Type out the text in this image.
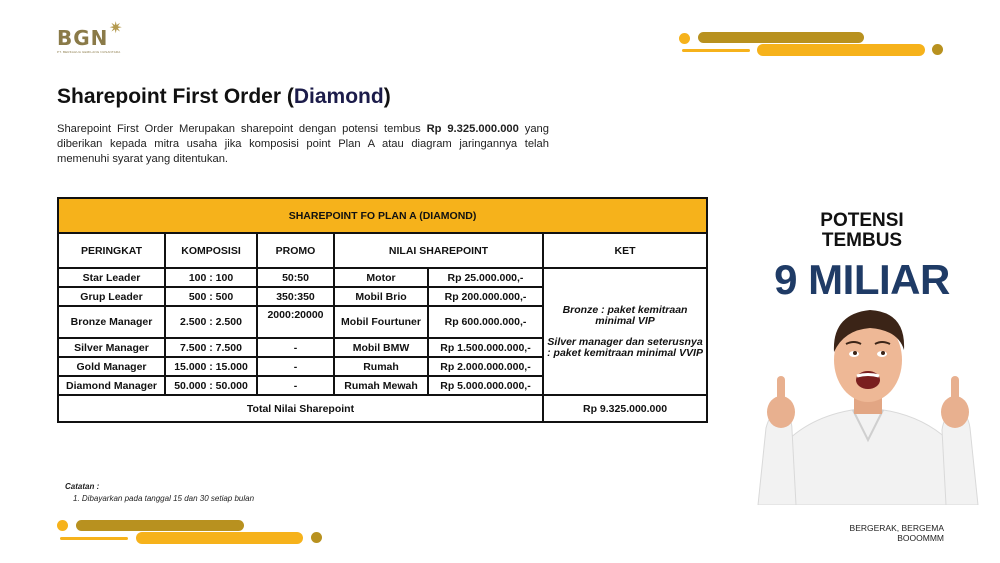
BGN ✷
PT. BERKAHUA GEMILANG NUSANTARA
Sharepoint First Order (Diamond)
Sharepoint First Order Merupakan sharepoint dengan potensi tembus Rp 9.325.000.000 yang diberikan kepada mitra usaha jika komposisi point Plan A atau diagram jaringannya telah memenuhi syarat yang ditentukan.
SHAREPOINT FO PLAN A (DIAMOND)					
PERINGKAT	KOMPOSISI	PROMO	NILAI SHAREPOINT		KET
Star Leader	100 : 100	50:50	Motor	Rp 25.000.000,-	Bronze : paket kemitraan minimal VIP
Silver manager dan seterusnya : paket kemitraan minimal VVIP

Grup Leader	500 : 500	350:350	Mobil Brio	Rp 200.000.000,-	
Bronze Manager	2.500 : 2.500	2000:20000	Mobil Fourtuner	Rp 600.000.000,-	
Silver Manager	7.500 : 7.500	-	Mobil BMW	Rp 1.500.000.000,-	
Gold Manager	15.000 : 15.000	-	Rumah	Rp 2.000.000.000,-	
Diamond Manager	50.000 : 50.000	-	Rumah Mewah	Rp 5.000.000.000,-	
Total Nilai Sharepoint					Rp 9.325.000.000
Catatan :
1. Dibayarkan pada tanggal 15 dan 30 setiap bulan
POTENSI
TEMBUS
9 MILIAR
BERGERAK, BERGEMA
BOOOMMM
